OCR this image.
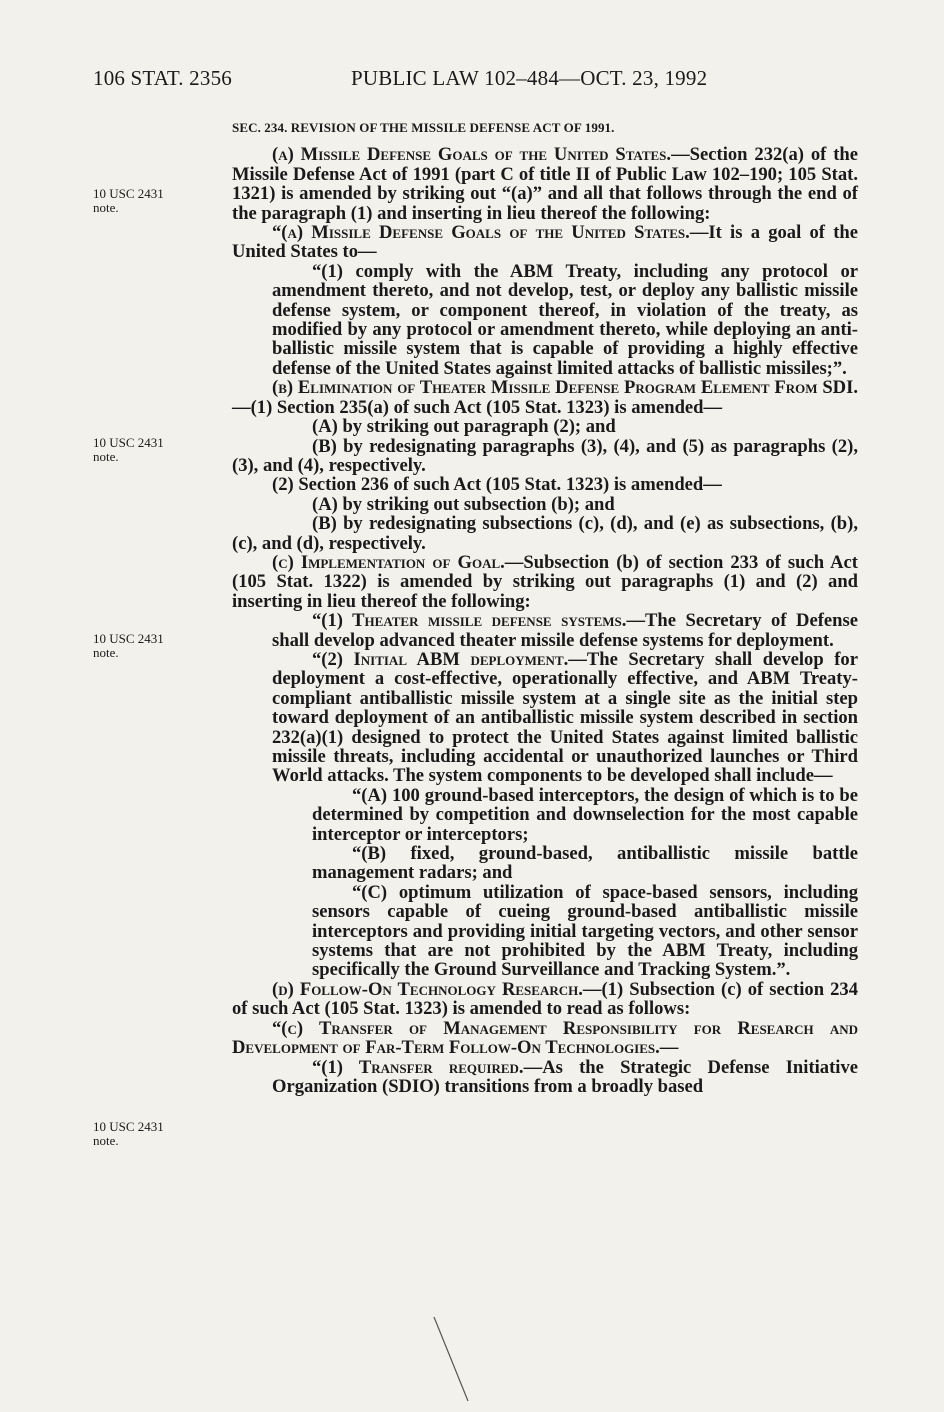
106 STAT. 2356	PUBLIC LAW 102–484—OCT. 23, 1992
10 USC 2431
note.
10 USC 2431
note.
10 USC 2431
note.
10 USC 2431
note.

SEC. 234. REVISION OF THE MISSILE DEFENSE ACT OF 1991.

(a) Missile Defense Goals of the United States.—Section 232(a) of the Missile Defense Act of 1991 (part C of title II of Public Law 102–190; 105 Stat. 1321) is amended by striking out “(a)” and all that follows through the end of the paragraph (1) and inserting in lieu thereof the following:

“(a) Missile Defense Goals of the United States.—It is a goal of the United States to—

“(1) comply with the ABM Treaty, including any protocol or amendment thereto, and not develop, test, or deploy any ballistic missile defense system, or component thereof, in violation of the treaty, as modified by any protocol or amendment thereto, while deploying an anti-ballistic missile system that is capable of providing a highly effective defense of the United States against limited attacks of ballistic missiles;”.

(b) Elimination of Theater Missile Defense Program Element From SDI.—(1) Section 235(a) of such Act (105 Stat. 1323) is amended—

(A) by striking out paragraph (2); and

(B) by redesignating paragraphs (3), (4), and (5) as paragraphs (2), (3), and (4), respectively.

(2) Section 236 of such Act (105 Stat. 1323) is amended—

(A) by striking out subsection (b); and

(B) by redesignating subsections (c), (d), and (e) as subsections, (b), (c), and (d), respectively.

(c) Implementation of Goal.—Subsection (b) of section 233 of such Act (105 Stat. 1322) is amended by striking out paragraphs (1) and (2) and inserting in lieu thereof the following:

“(1) Theater missile defense systems.—The Secretary of Defense shall develop advanced theater missile defense systems for deployment.

“(2) Initial ABM deployment.—The Secretary shall develop for deployment a cost-effective, operationally effective, and ABM Treaty-compliant antiballistic missile system at a single site as the initial step toward deployment of an antiballistic missile system described in section 232(a)(1) designed to protect the United States against limited ballistic missile threats, including accidental or unauthorized launches or Third World attacks. The system components to be developed shall include—

“(A) 100 ground-based interceptors, the design of which is to be determined by competition and downselection for the most capable interceptor or interceptors;

“(B) fixed, ground-based, antiballistic missile battle management radars; and

“(C) optimum utilization of space-based sensors, including sensors capable of cueing ground-based antiballistic missile interceptors and providing initial targeting vectors, and other sensor systems that are not prohibited by the ABM Treaty, including specifically the Ground Surveillance and Tracking System.”.

(d) Follow-On Technology Research.—(1) Subsection (c) of section 234 of such Act (105 Stat. 1323) is amended to read as follows:

“(c) Transfer of Management Responsibility for Research and Development of Far-Term Follow-On Technologies.—

“(1) Transfer required.—As the Strategic Defense Initiative Organization (SDIO) transitions from a broadly based
